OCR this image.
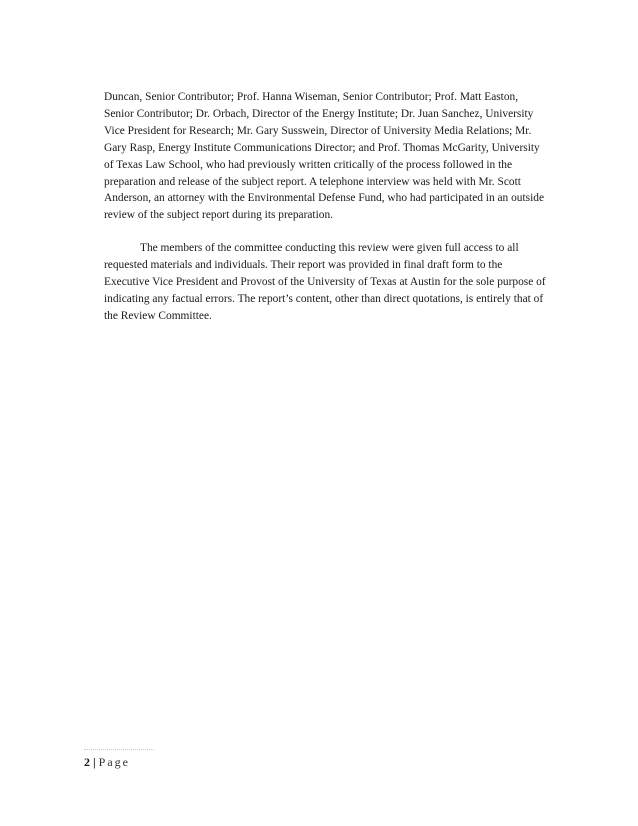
Duncan, Senior Contributor; Prof. Hanna Wiseman, Senior Contributor; Prof. Matt Easton, Senior Contributor; Dr. Orbach, Director of the Energy Institute; Dr. Juan Sanchez, University Vice President for Research; Mr. Gary Susswein, Director of University Media Relations; Mr. Gary Rasp, Energy Institute Communications Director; and Prof. Thomas McGarity, University of Texas Law School, who had previously written critically of the process followed in the preparation and release of the subject report. A telephone interview was held with Mr. Scott Anderson, an attorney with the Environmental Defense Fund, who had participated in an outside review of the subject report during its preparation.

The members of the committee conducting this review were given full access to all requested materials and individuals. Their report was provided in final draft form to the Executive Vice President and Provost of the University of Texas at Austin for the sole purpose of indicating any factual errors. The report’s content, other than direct quotations, is entirely that of the Review Committee.

2 | Page
